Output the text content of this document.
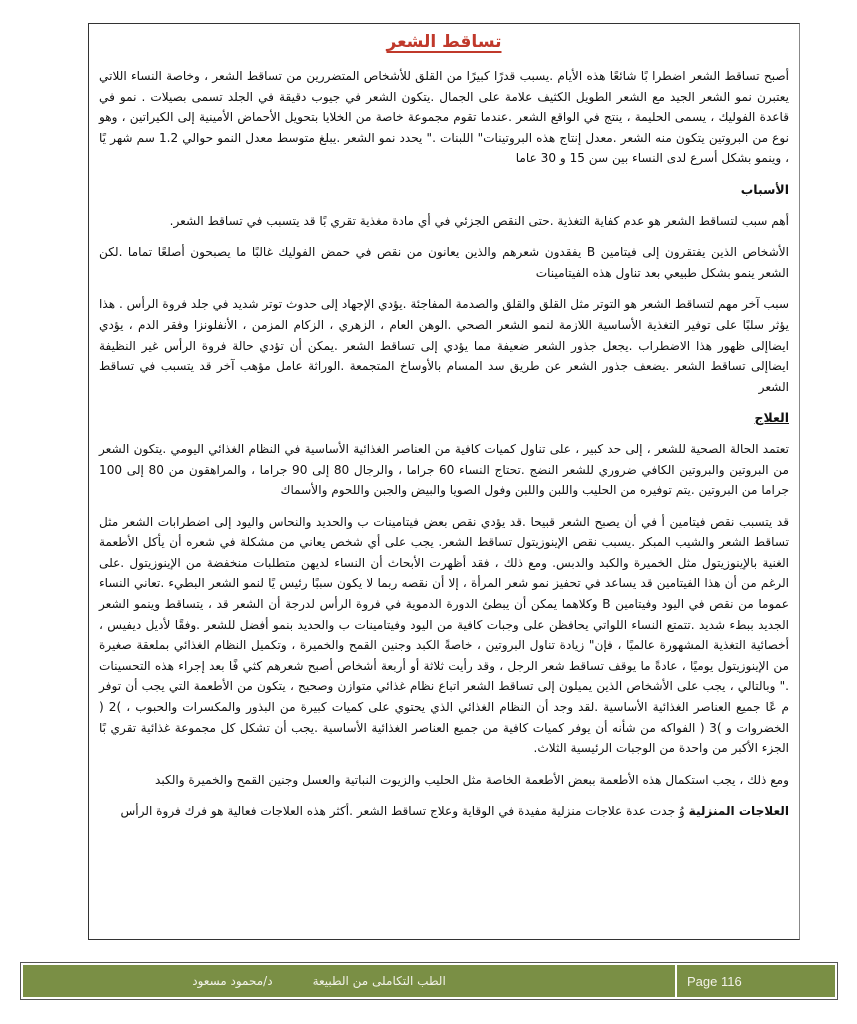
تساقط الشعر

أصبح تساقط الشعر اضطرا بًا شائعًا هذه الأيام .يسبب قدرًا كبيرًا من القلق للأشخاص المتضررين من تساقط الشعر ، وخاصة النساء اللاتي يعتبرن نمو الشعر الجيد مع الشعر الطويل الكثيف علامة على الجمال .يتكون الشعر في جيوب دقيقة في الجلد تسمى بصيلات . نمو في قاعدة الفوليك ، يسمى الحليمة ، ينتج في الواقع الشعر .عندما تقوم مجموعة خاصة من الخلايا بتحويل الأحماض الأمينية إلى الكيراتين ، وهو نوع من البروتين يتكون منه الشعر .معدل إنتاج هذه البروتينات" اللبنات ." يحدد نمو الشعر .يبلغ متوسط معدل النمو حوالي 1.2 سم شهر يًا ، وينمو بشكل أسرع لدى النساء بين سن 15 و 30 عاما

الأسباب

أهم سبب لتساقط الشعر هو عدم كفاية التغذية .حتى النقص الجزئي في أي مادة مغذية تقري بًا قد يتسبب في تساقط الشعر.

الأشخاص الذين يفتقرون إلى فيتامين B يفقدون شعرهم والذين يعانون من نقص في حمض الفوليك غالبًا ما يصبحون أصلعًا تماما .لكن الشعر ينمو بشكل طبيعي بعد تناول هذه الفيتامينات

سبب آخر مهم لتساقط الشعر هو التوتر مثل القلق والقلق والصدمة المفاجئة .يؤدي الإجهاد إلى حدوث توتر شديد في جلد فروة الرأس . هذا يؤثر سلبًا على توفير التغذية الأساسية اللازمة لنمو الشعر الصحي .الوهن العام ، الزهري ، الزكام المزمن ، الأنفلونزا وفقر الدم ، يؤدي ايضاإلى ظهور هذا الاضطراب .يجعل جذور الشعر ضعيفة مما يؤدي إلى تساقط الشعر .يمكن أن تؤدي حالة فروة الرأس غير النظيفة ايضاإلى تساقط الشعر .يضعف جذور الشعر عن طريق سد المسام بالأوساخ المتجمعة .الوراثة عامل مؤهب آخر قد يتسبب في تساقط الشعر

العلاج

تعتمد الحالة الصحية للشعر ، إلى حد كبير ، على تناول كميات كافية من العناصر الغذائية الأساسية في النظام الغذائي اليومي .يتكون الشعر من البروتين والبروتين الكافي ضروري للشعر النضج .تحتاج النساء 60 جراما ، والرجال 80 إلى 90 جراما ، والمراهقون من 80 إلى 100 جراما من البروتين .يتم توفيره من الحليب واللبن واللبن وفول الصويا والبيض والجبن واللحوم والأسماك

قد يتسبب نقص فيتامين أ في أن يصبح الشعر قبيحا .قد يؤدي نقص بعض فيتامينات ب والحديد والنحاس واليود إلى اضطرابات الشعر مثل تساقط الشعر والشيب المبكر .يسبب نقص الإينوزيتول تساقط الشعر. يجب على أي شخص يعاني من مشكلة في شعره أن يأكل الأطعمة الغنية بالإينوزيتول مثل الخميرة والكبد والدبس. ومع ذلك ، فقد أظهرت الأبحاث أن النساء لديهن متطلبات منخفضة من الإينوزيتول .على الرغم من أن هذا الفيتامين قد يساعد في تحفيز نمو شعر المرأة ، إلا أن نقصه ربما لا يكون سببًا رئيس يًا لنمو الشعر البطيء .تعاني النساء عموما من نقص في اليود وفيتامين B وكلاهما يمكن أن يبطئ الدورة الدموية في فروة الرأس لدرجة أن الشعر قد ، يتساقط وينمو الشعر الجديد ببطء شديد .تتمتع النساء اللواتي يحافظن على وجبات كافية من اليود وفيتامينات ب والحديد بنمو أفضل للشعر .وفقًا لأديل ديفيس ، أخصائية التغذية المشهورة عالميًا ، فإن" زيادة تناول البروتين ، خاصةً الكبد وجنين القمح والخميرة ، وتكميل النظام الغذائي بملعقة صغيرة من الإينوزيتول يوميًا ، عادةً ما يوقف تساقط شعر الرجل ، وقد رأيت ثلاثة أو أربعة أشخاص أصبح شعرهم كثي فًا بعد إجراء هذه التحسينات ." وبالتالي ، يجب على الأشخاص الذين يميلون إلى تساقط الشعر اتباع نظام غذائي متوازن وصحيح ، يتكون من الأطعمة التي يجب أن توفر م عًا جميع العناصر الغذائية الأساسية .لقد وجد أن النظام الغذائي الذي يحتوي على كميات كبيرة من البذور والمكسرات والحبوب ، )2 ( الخضروات و )3 ( الفواكه من شأنه أن يوفر كميات كافية من جميع العناصر الغذائية الأساسية .يجب أن تشكل كل مجموعة غذائية تقري بًا الجزء الأكبر من واحدة من الوجبات الرئيسية الثلاث.

ومع ذلك ، يجب استكمال هذه الأطعمة ببعض الأطعمة الخاصة مثل الحليب والزيوت النباتية والعسل وجنين القمح والخميرة والكبد

العلاجات المنزلية وُ جدت عدة علاجات منزلية مفيدة في الوقاية وعلاج تساقط الشعر .أكثر هذه العلاجات فعالية هو فرك فروة الرأس

الطب التكاملى من الطبيعة
د/محمود مسعود	Page 116
